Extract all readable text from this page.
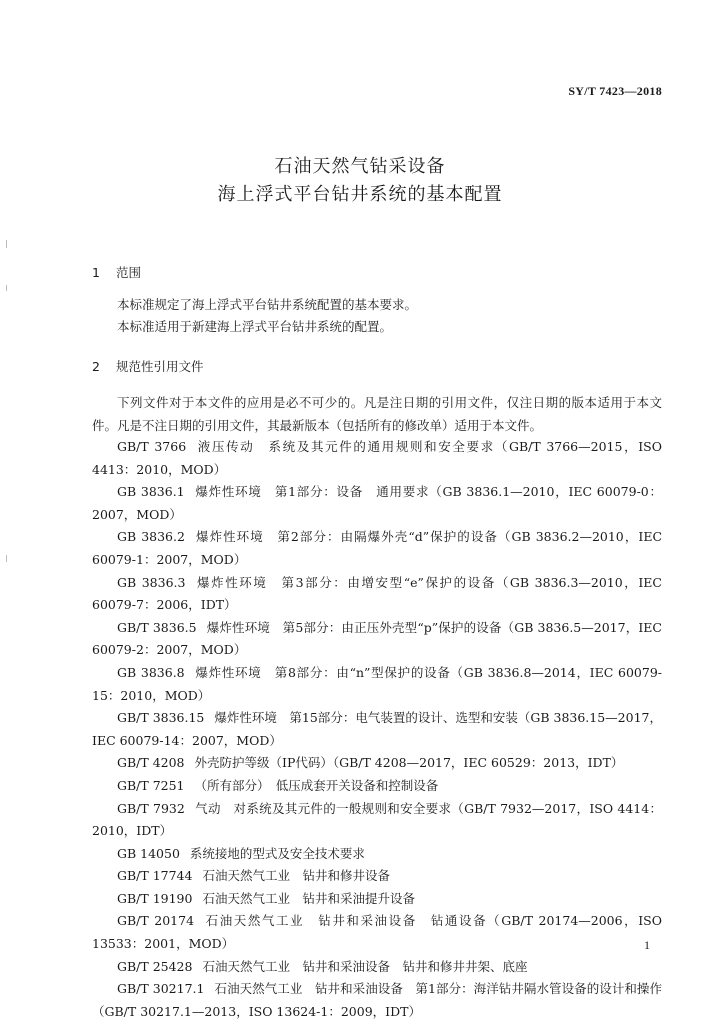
SY/T 7423—2018
石油天然气钻采设备
海上浮式平台钻井系统的基本配置
1 范围

本标准规定了海上浮式平台钻井系统配置的基本要求。

本标准适用于新建海上浮式平台钻井系统的配置。

2 规范性引用文件

下列文件对于本文件的应用是必不可少的。凡是注日期的引用文件，仅注日期的版本适用于本文件。凡是不注日期的引用文件，其最新版本（包括所有的修改单）适用于本文件。

GB/T 3766 液压传动　系统及其元件的通用规则和安全要求（GB/T 3766—2015，ISO 4413：2010，MOD）
GB 3836.1 爆炸性环境　第1部分：设备　通用要求（GB 3836.1—2010，IEC 60079-0：2007，MOD）
GB 3836.2 爆炸性环境　第2部分：由隔爆外壳“d”保护的设备（GB 3836.2—2010，IEC 60079-1：2007，MOD）
GB 3836.3 爆炸性环境　第3部分：由增安型“e”保护的设备（GB 3836.3—2010，IEC 60079-7：2006，IDT）
GB/T 3836.5 爆炸性环境　第5部分：由正压外壳型“p”保护的设备（GB 3836.5—2017，IEC 60079-2：2007，MOD）
GB 3836.8 爆炸性环境　第8部分：由“n”型保护的设备（GB 3836.8—2014，IEC 60079-15：2010，MOD）
GB/T 3836.15 爆炸性环境　第15部分：电气装置的设计、选型和安装（GB 3836.15—2017，IEC 60079-14：2007，MOD）
GB/T 4208 外壳防护等级（IP代码）（GB/T 4208—2017，IEC 60529：2013，IDT）
GB/T 7251 （所有部分）　低压成套开关设备和控制设备
GB/T 7932 气动　对系统及其元件的一般规则和安全要求（GB/T 7932—2017，ISO 4414：2010，IDT）
GB 14050 系统接地的型式及安全技术要求
GB/T 17744 石油天然气工业　钻井和修井设备
GB/T 19190 石油天然气工业　钻井和采油提升设备
GB/T 20174 石油天然气工业　钻井和采油设备　钻通设备（GB/T 20174—2006，ISO 13533：2001，MOD）
GB/T 25428 石油天然气工业　钻井和采油设备　钻井和修井井架、底座
GB/T 30217.1 石油天然气工业　钻井和采油设备　第1部分：海洋钻井隔水管设备的设计和操作（GB/T 30217.1—2013，ISO 13624-1：2009，IDT）
1
